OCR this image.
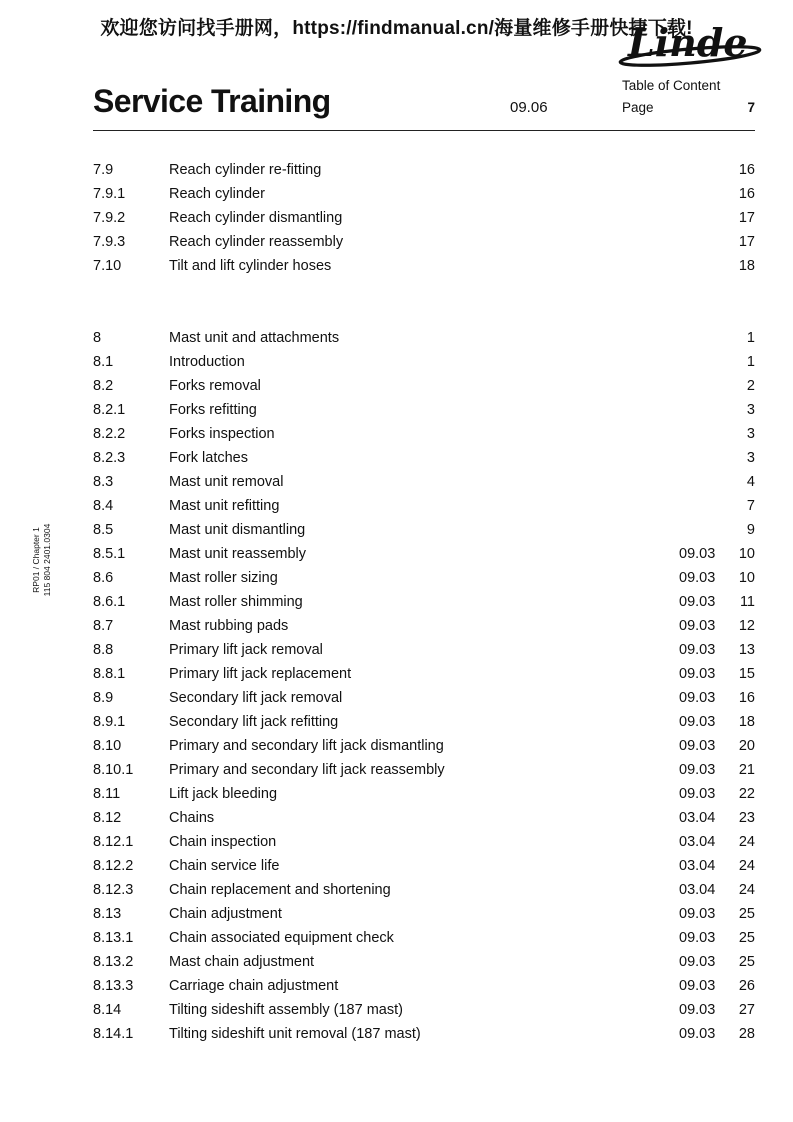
欢迎您访问找手册网，https://findmanual.cn/海量维修手册快捷下载!
Linde
Service Training	09.06
Table of Content
Page	7
RP01 / Chapter 1 115 804 2401.0304
7.9	Reach cylinder re-fitting	16
7.9.1	Reach cylinder	16
7.9.2	Reach cylinder dismantling	17
7.9.3	Reach cylinder reassembly	17
7.10	Tilt and lift cylinder hoses	18
8	Mast unit and attachments	1
8.1	Introduction	1
8.2	Forks removal	2
8.2.1	Forks refitting	3
8.2.2	Forks inspection	3
8.2.3	Fork latches	3
8.3	Mast unit removal	4
8.4	Mast unit refitting	7
8.5	Mast unit dismantling	9
8.5.1	Mast unit reassembly	09.03	10
8.6	Mast roller sizing	09.03	10
8.6.1	Mast roller shimming	09.03	11
8.7	Mast rubbing pads	09.03	12
8.8	Primary lift jack removal	09.03	13
8.8.1	Primary lift jack replacement	09.03	15
8.9	Secondary lift jack removal	09.03	16
8.9.1	Secondary lift jack refitting	09.03	18
8.10	Primary and secondary lift jack dismantling	09.03	20
8.10.1 Primary and secondary lift jack reassembly	09.03	21
8.11	Lift jack bleeding	09.03	22
8.12	Chains	03.04	23
8.12.1 Chain inspection	03.04	24
8.12.2 Chain service life	03.04	24
8.12.3 Chain replacement and shortening	03.04	24
8.13	Chain adjustment	09.03	25
8.13.1 Chain associated equipment check	09.03	25
8.13.2 Mast chain adjustment	09.03	25
8.13.3 Carriage chain adjustment	09.03	26
8.14	Tilting sideshift assembly (187 mast)	09.03	27
8.14.1 Tilting sideshift unit removal (187 mast)	09.03	28
